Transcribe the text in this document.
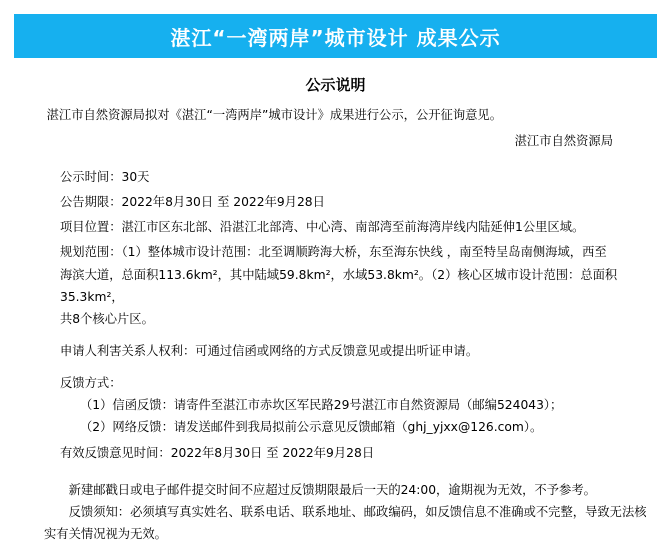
湛江“一湾两岸”城市设计 成果公示
公示说明

湛江市自然资源局拟对《湛江“一湾两岸”城市设计》成果进行公示，公开征询意见。

湛江市自然资源局
公示时间：30天
公告期限：2022年8月30日 至 2022年9月28日
项目位置：湛江市区东北部、沿湛江北部湾、中心湾、南部湾至前海湾岸线内陆延伸1公里区域。
规划范围：（1）整体城市设计范围：北至调顺跨海大桥，东至海东快线 ，南至特呈岛南侧海域，西至
海滨大道，总面积113.6km²，其中陆域59.8km²，水域53.8km²。（2）核心区城市设计范围：总面积35.3km²，
共8个核心片区。
申请人利害关系人权利：可通过信函或网络的方式反馈意见或提出听证申请。
反馈方式：
（1）信函反馈：请寄件至湛江市赤坎区军民路29号湛江市自然资源局（邮编524043）；
（2）网络反馈：请发送邮件到我局拟前公示意见反馈邮箱（ghj_yjxx@126.com）。
有效反馈意见时间：2022年8月30日 至 2022年9月28日

新建邮戳日或电子邮件提交时间不应超过反馈期限最后一天的24:00，逾期视为无效，不予参考。

反馈须知：必须填写真实姓名、联系电话、联系地址、邮政编码，如反馈信息不准确或不完整，导致无法核实有关情况视为无效。
